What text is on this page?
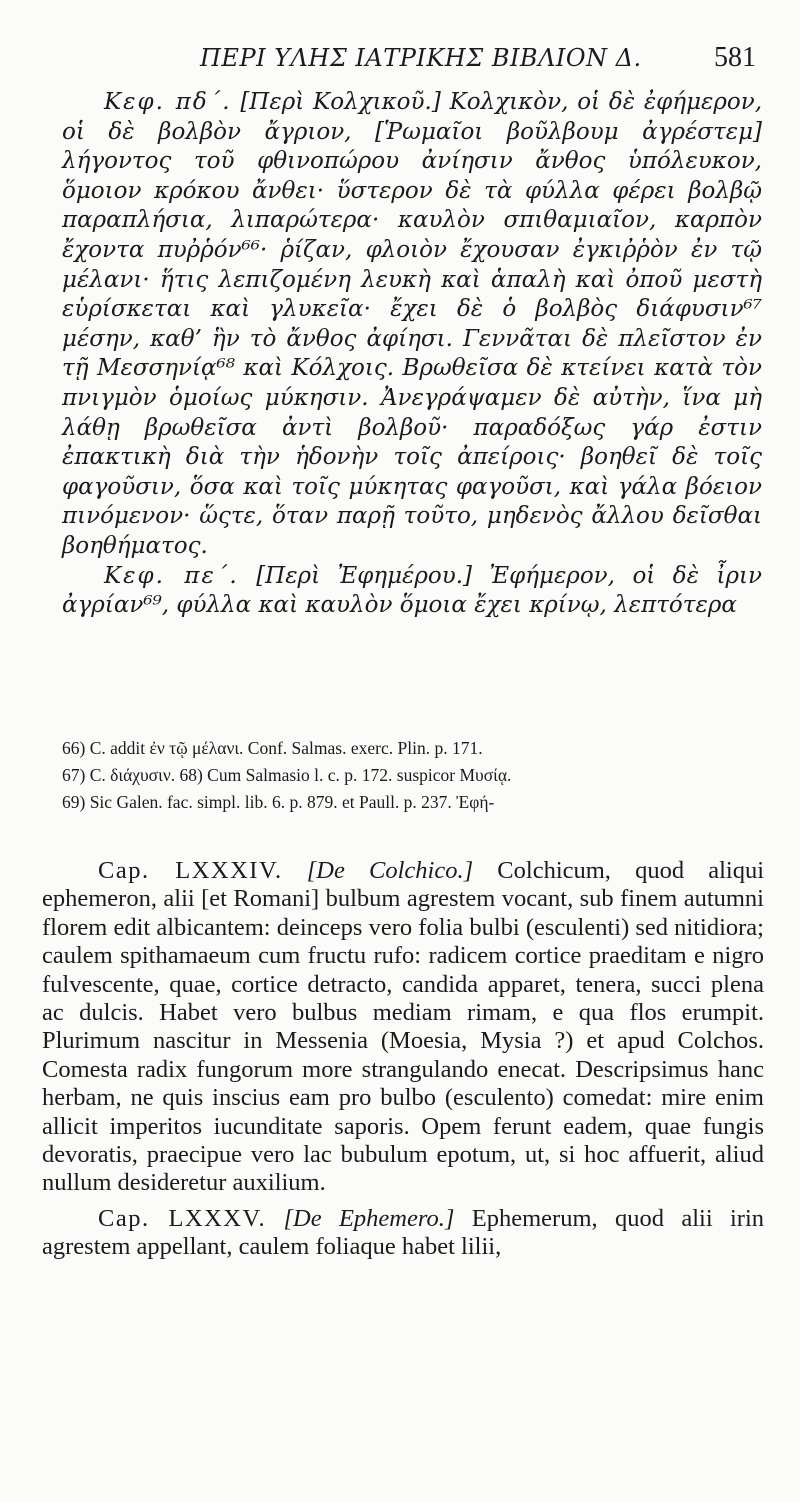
ΠΕΡΙ ΥΛΗΣ ΙΑΤΡΙΚΗΣ ΒΙΒΛΙΟΝ Δ.	581

Κεφ. πδ΄. [Περὶ Κολχικοῦ.] Κολχικὸν, οἱ δὲ ἐφήμερον, οἱ δὲ βολβὸν ἄγριον, [Ῥωμαῖοι βοῦλβουμ ἀγρέστεμ] λήγοντος τοῦ φθινοπώρου ἀνίησιν ἄνθος ὑπόλευκον, ὅμοιον κρόκου ἄνθει· ὕστερον δὲ τὰ φύλλα φέρει βολβῷ παραπλήσια, λιπαρώτερα· καυλὸν σπιθαμιαῖον, καρπὸν ἔχοντα πυῤῥόν⁶⁶· ῥίζαν, φλοιὸν ἔχουσαν ἐγκιῤῥὸν ἐν τῷ μέλανι· ἥτις λεπιζομένη λευκὴ καὶ ἁπαλὴ καὶ ὀποῦ μεστὴ εὑρίσκεται καὶ γλυκεῖα· ἔχει δὲ ὁ βολβὸς διάφυσιν⁶⁷ μέσην, καθ’ ἣν τὸ ἄνθος ἀφίησι. Γεννᾶται δὲ πλεῖστον ἐν τῇ Μεσσηνίᾳ⁶⁸ καὶ Κόλχοις. Βρωθεῖσα δὲ κτείνει κατὰ τὸν πνιγμὸν ὁμοίως μύκησιν. Ἀνεγράψαμεν δὲ αὐτὴν, ἵνα μὴ λάθῃ βρωθεῖσα ἀντὶ βολβοῦ· παραδόξως γάρ ἐστιν ἐπακτικὴ διὰ τὴν ἡδονὴν τοῖς ἀπείροις· βοηθεῖ δὲ τοῖς φαγοῦσιν, ὅσα καὶ τοῖς μύκητας φαγοῦσι, καὶ γάλα βόειον πινόμενον· ὥςτε, ὅταν παρῇ τοῦτο, μηδενὸς ἄλλου δεῖσθαι βοηθήματος.

Κεφ. πε΄. [Περὶ Ἐφημέρου.] Ἐφήμερον, οἱ δὲ ἶριν ἀγρίαν⁶⁹, φύλλα καὶ καυλὸν ὅμοια ἔχει κρίνῳ, λεπτότερα

66) C. addit ἐν τῷ μέλανι. Conf. Salmas. exerc. Plin. p. 171.
67) C. διάχυσιν. 68) Cum Salmasio l. c. p. 172. suspicor Μυσίᾳ.
69) Sic Galen. fac. simpl. lib. 6. p. 879. et Paull. p. 237. Ἐφή-

Cap. LXXXIV. [De Colchico.] Colchicum, quod aliqui ephemeron, alii [et Romani] bulbum agrestem vocant, sub finem autumni florem edit albicantem: deinceps vero folia bulbi (esculenti) sed nitidiora; caulem spithamaeum cum fructu rufo: radicem cortice praeditam e nigro fulvescente, quae, cortice detracto, candida apparet, tenera, succi plena ac dulcis. Habet vero bulbus mediam rimam, e qua flos erumpit. Plurimum nascitur in Messenia (Moesia, Mysia ?) et apud Colchos. Comesta radix fungorum more strangulando enecat. Descripsimus hanc herbam, ne quis inscius eam pro bulbo (esculento) comedat: mire enim allicit imperitos iucunditate saporis. Opem ferunt eadem, quae fungis devoratis, praecipue vero lac bubulum epotum, ut, si hoc affuerit, aliud nullum desideretur auxilium.

Cap. LXXXV. [De Ephemero.] Ephemerum, quod alii irin agrestem appellant, caulem foliaque habet lilii,
